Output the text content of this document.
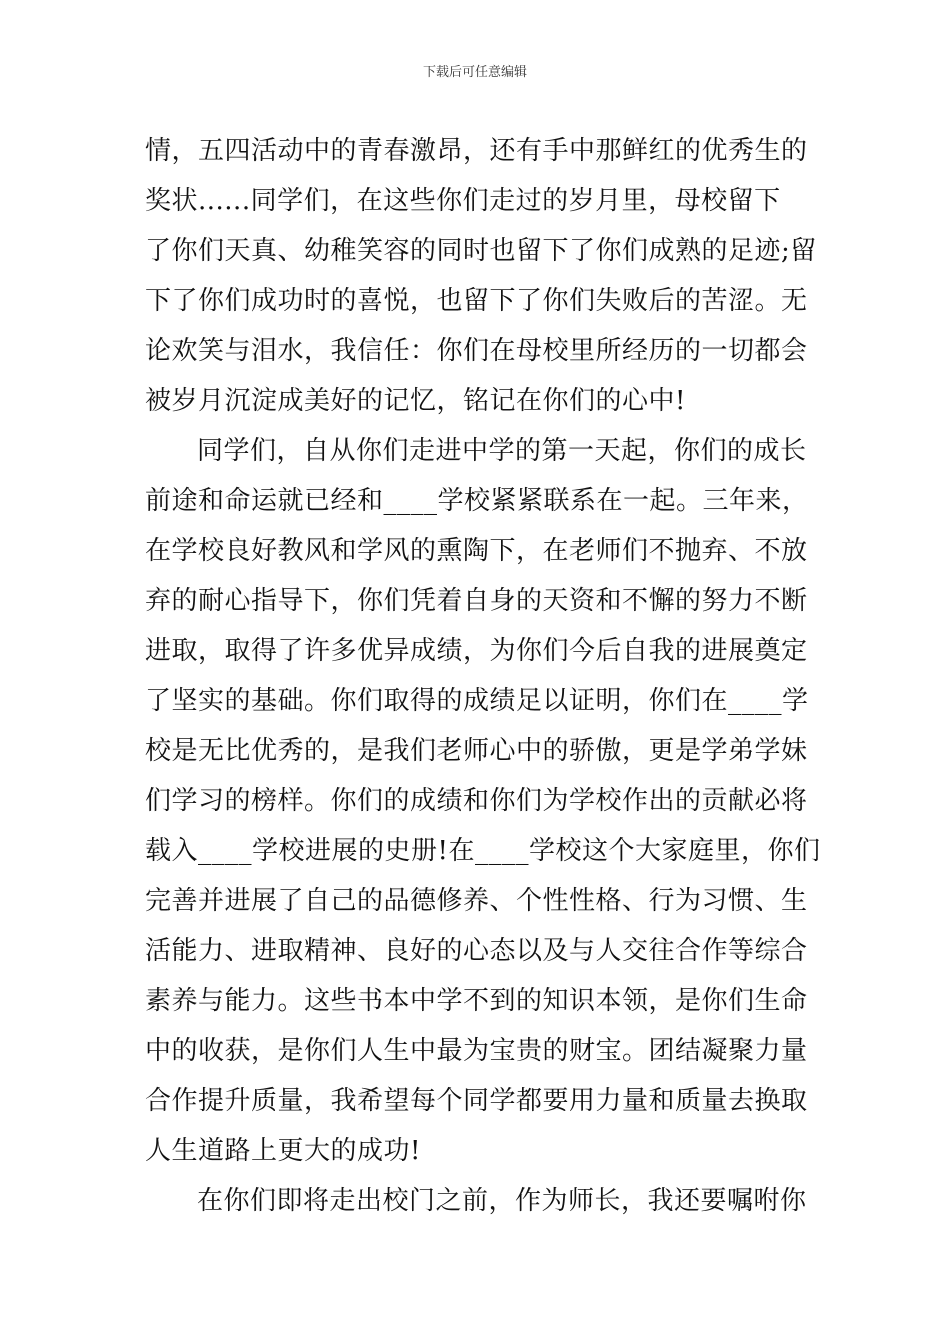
下载后可任意编辑
情，五四活动中的青春激昂，还有手中那鲜红的优秀生的
奖状......同学们，在这些你们走过的岁月里，母校留下
了你们天真、幼稚笑容的同时也留下了你们成熟的足迹;留
下了你们成功时的喜悦，也留下了你们失败后的苦涩。无
论欢笑与泪水，我信任：你们在母校里所经历的一切都会
被岁月沉淀成美好的记忆，铭记在你们的心中!
同学们，自从你们走进中学的第一天起，你们的成长
前途和命运就已经和____学校紧紧联系在一起。三年来，
在学校良好教风和学风的熏陶下，在老师们不抛弃、不放
弃的耐心指导下，你们凭着自身的天资和不懈的努力不断
进取，取得了许多优异成绩，为你们今后自我的进展奠定
了坚实的基础。你们取得的成绩足以证明，你们在____学
校是无比优秀的，是我们老师心中的骄傲，更是学弟学妹
们学习的榜样。你们的成绩和你们为学校作出的贡献必将
载入____学校进展的史册!在____学校这个大家庭里，你们
完善并进展了自己的品德修养、个性性格、行为习惯、生
活能力、进取精神、良好的心态以及与人交往合作等综合
素养与能力。这些书本中学不到的知识本领，是你们生命
中的收获，是你们人生中最为宝贵的财宝。团结凝聚力量
合作提升质量，我希望每个同学都要用力量和质量去换取
人生道路上更大的成功!
在你们即将走出校门之前，作为师长，我还要嘱咐你
